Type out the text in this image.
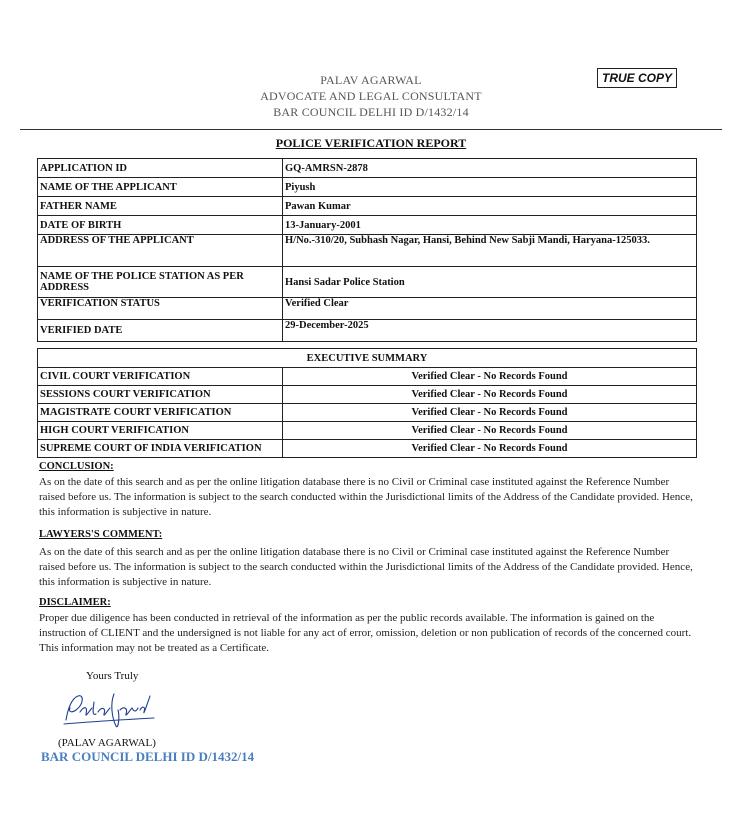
PALAV AGARWAL
ADVOCATE AND LEGAL CONSULTANT
BAR COUNCIL DELHI ID D/1432/14
TRUE COPY
POLICE VERIFICATION REPORT
APPLICATION ID	GQ-AMRSN-2878
NAME OF THE APPLICANT	Piyush
FATHER NAME	Pawan Kumar
DATE OF BIRTH	13-January-2001
ADDRESS OF THE APPLICANT	H/No.-310/20, Subhash Nagar, Hansi, Behind New Sabji Mandi, Haryana-125033.
NAME OF THE POLICE STATION AS PER ADDRESS	Hansi Sadar Police Station
VERIFICATION STATUS	Verified Clear
VERIFIED DATE	29-December-2025
EXECUTIVE SUMMARY	
CIVIL COURT VERIFICATION	Verified Clear - No Records Found
SESSIONS COURT VERIFICATION	Verified Clear - No Records Found
MAGISTRATE COURT VERIFICATION	Verified Clear - No Records Found
HIGH COURT VERIFICATION	Verified Clear - No Records Found
SUPREME COURT OF INDIA VERIFICATION	Verified Clear - No Records Found
CONCLUSION:
As on the date of this search and as per the online litigation database there is no Civil or Criminal case instituted against the Reference Number raised before us. The information is subject to the search conducted within the Jurisdictional limits of the Address of the Candidate provided. Hence, this information is subjective in nature.
LAWYERS'S COMMENT:
As on the date of this search and as per the online litigation database there is no Civil or Criminal case instituted against the Reference Number raised before us. The information is subject to the search conducted within the Jurisdictional limits of the Address of the Candidate provided. Hence, this information is subjective in nature.
DISCLAIMER:
Proper due diligence has been conducted in retrieval of the information as per the public records available. The information is gained on the instruction of CLIENT and the undersigned is not liable for any act of error, omission, deletion or non publication of records of the concerned court. This information may not be treated as a Certificate.
Yours Truly
(PALAV AGARWAL)
BAR COUNCIL DELHI ID D/1432/14
